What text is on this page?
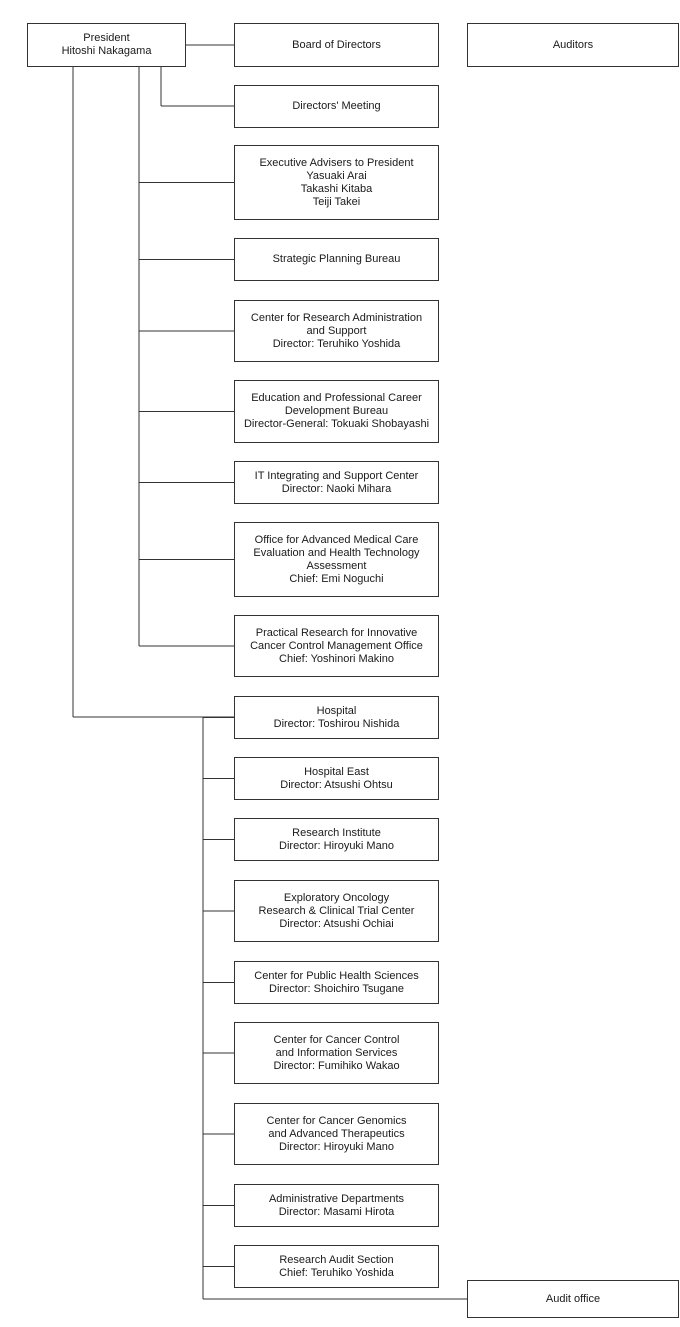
President
Hitoshi Nakagama
Board of Directors	Auditors
Directors' Meeting
Executive Advisers to President
Yasuaki Arai
Takashi Kitaba
Teiji Takei
Strategic Planning Bureau
Center for Research Administration
and Support
Director: Teruhiko Yoshida
Education and Professional Career
Development Bureau
Director-General: Tokuaki Shobayashi
IT Integrating and Support Center
Director: Naoki Mihara
Office for Advanced Medical Care
Evaluation and Health Technology
Assessment
Chief: Emi Noguchi
Practical Research for Innovative
Cancer Control Management Office
Chief: Yoshinori Makino
Hospital
Director: Toshirou Nishida
Hospital East
Director: Atsushi Ohtsu
Research Institute
Director: Hiroyuki Mano
Exploratory Oncology
Research & Clinical Trial Center
Director: Atsushi Ochiai
Center for Public Health Sciences
Director: Shoichiro Tsugane
Center for Cancer Control
and Information Services
Director: Fumihiko Wakao
Center for Cancer Genomics
and Advanced Therapeutics
Director: Hiroyuki Mano
Administrative Departments
Director: Masami Hirota
Research Audit Section
Chief: Teruhiko Yoshida
Audit office
